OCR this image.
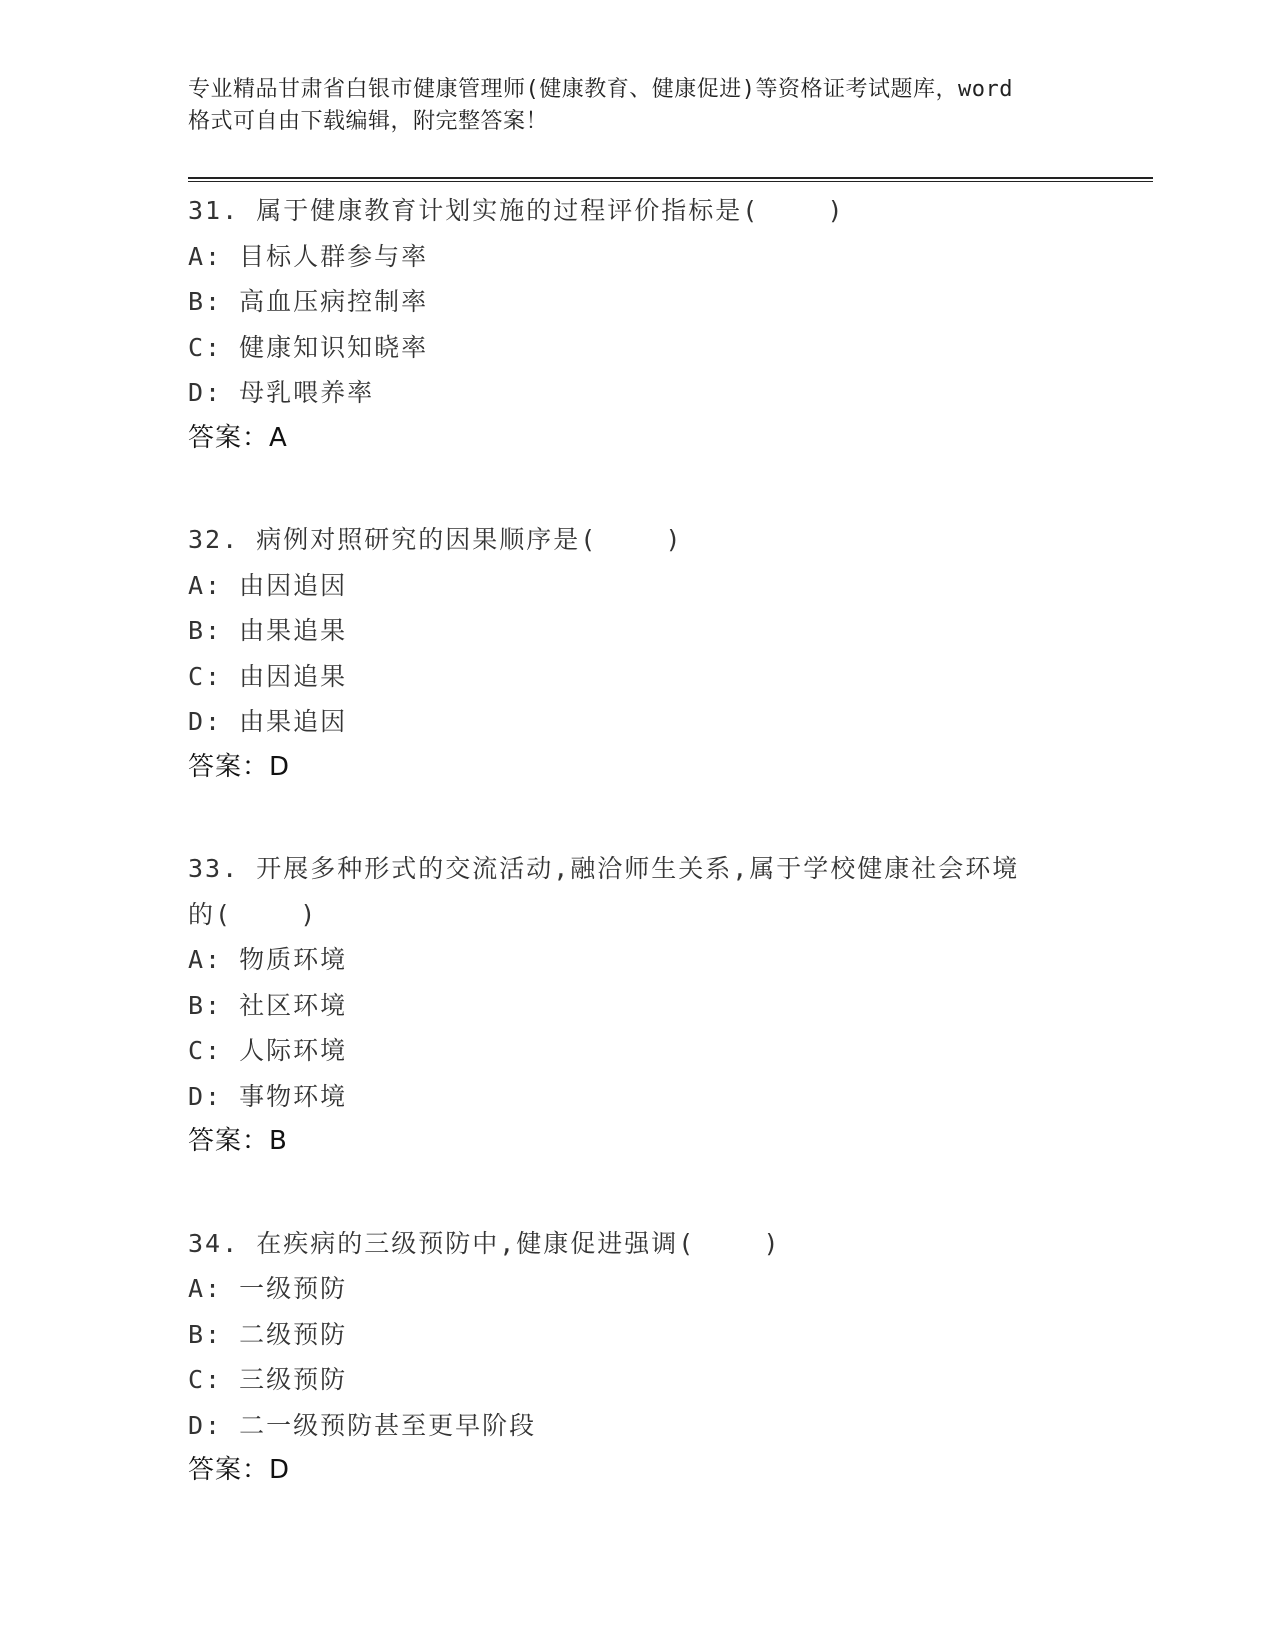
专业精品甘肃省白银市健康管理师(健康教育、健康促进)等资格证考试题库，word
格式可自由下载编辑，附完整答案！
31. 属于健康教育计划实施的过程评价指标是(    )
A: 目标人群参与率
B: 高血压病控制率
C: 健康知识知晓率
D: 母乳喂养率
答案：A
32. 病例对照研究的因果顺序是(    )
A: 由因追因
B: 由果追果
C: 由因追果
D: 由果追因
答案：D
33. 开展多种形式的交流活动,融洽师生关系,属于学校健康社会环境
的(    )
A: 物质环境
B: 社区环境
C: 人际环境
D: 事物环境
答案：B
34. 在疾病的三级预防中,健康促进强调(    )
A: 一级预防
B: 二级预防
C: 三级预防
D: 二一级预防甚至更早阶段
答案：D
